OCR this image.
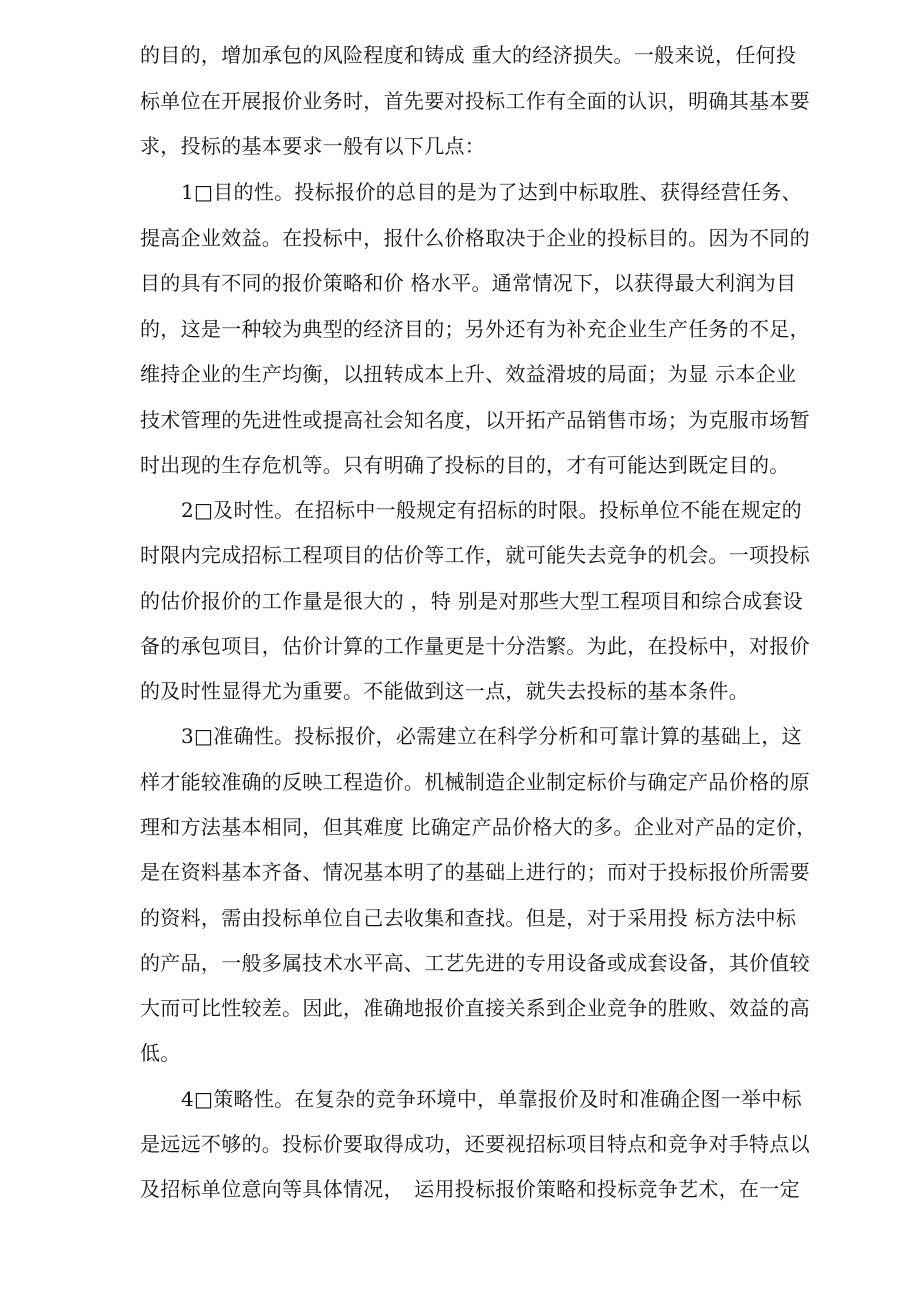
的目的，增加承包的风险程度和铸成 重大的经济损失。一般来说，任何投
标单位在开展报价业务时，首先要对投标工作有全面的认识，明确其基本要
求，投标的基本要求一般有以下几点：
1□目的性。投标报价的总目的是为了达到中标取胜、获得经营任务、
提高企业效益。在投标中，报什么价格取决于企业的投标目的。因为不同的
目的具有不同的报价策略和价 格水平。通常情况下，以获得最大利润为目
的，这是一种较为典型的经济目的；另外还有为补充企业生产任务的不足，
维持企业的生产均衡，以扭转成本上升、效益滑坡的局面；为显 示本企业
技术管理的先进性或提高社会知名度，以开拓产品销售市场；为克服市场暂
时出现的生存危机等。只有明确了投标的目的，才有可能达到既定目的。
2□及时性。在招标中一般规定有招标的时限。投标单位不能在规定的
时限内完成招标工程项目的估价等工作，就可能失去竞争的机会。一项投标
的估价报价的工作量是很大的 ，特 别是对那些大型工程项目和综合成套设
备的承包项目，估价计算的工作量更是十分浩繁。为此，在投标中，对报价
的及时性显得尤为重要。不能做到这一点，就失去投标的基本条件。
3□准确性。投标报价，必需建立在科学分析和可靠计算的基础上，这
样才能较准确的反映工程造价。机械制造企业制定标价与确定产品价格的原
理和方法基本相同，但其难度 比确定产品价格大的多。企业对产品的定价，
是在资料基本齐备、情况基本明了的基础上进行的；而对于投标报价所需要
的资料，需由投标单位自己去收集和查找。但是，对于采用投 标方法中标
的产品，一般多属技术水平高、工艺先进的专用设备或成套设备，其价值较
大而可比性较差。因此，准确地报价直接关系到企业竞争的胜败、效益的高
低。
4□策略性。在复杂的竞争环境中，单靠报价及时和准确企图一举中标
是远远不够的。投标价要取得成功，还要视招标项目特点和竞争对手特点以
及招标单位意向等具体情况，　运用投标报价策略和投标竞争艺术，在一定
